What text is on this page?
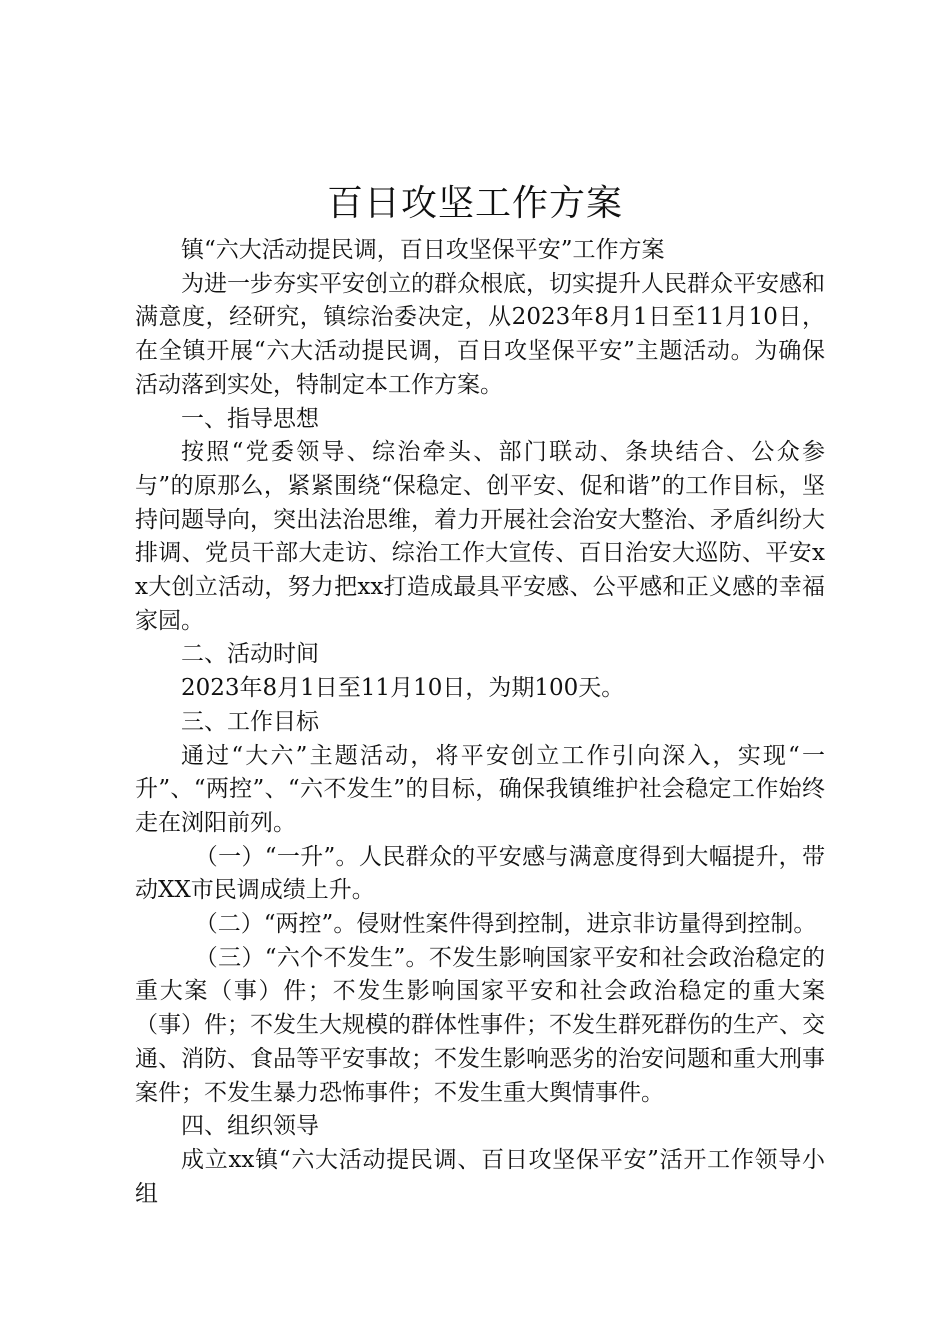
百日攻坚工作方案

镇“六大活动提民调，百日攻坚保平安”工作方案

为进一步夯实平安创立的群众根底，切实提升人民群众平安感和满意度，经研究，镇综治委决定，从2023年8月1日至11月10日，在全镇开展“六大活动提民调，百日攻坚保平安”主题活动。为确保活动落到实处，特制定本工作方案。

一、指导思想

按照“党委领导、综治牵头、部门联动、条块结合、公众参与”的原那么，紧紧围绕“保稳定、创平安、促和谐”的工作目标，坚持问题导向，突出法治思维，着力开展社会治安大整治、矛盾纠纷大排调、党员干部大走访、综治工作大宣传、百日治安大巡防、平安xx大创立活动，努力把xx打造成最具平安感、公平感和正义感的幸福家园。

二、活动时间

2023年8月1日至11月10日，为期100天。

三、工作目标

通过“大六”主题活动，将平安创立工作引向深入，实现“一升”、“两控”、“六不发生”的目标，确保我镇维护社会稳定工作始终走在浏阳前列。

（一）“一升”。人民群众的平安感与满意度得到大幅提升，带动XX市民调成绩上升。

（二）“两控”。侵财性案件得到控制，进京非访量得到控制。

（三）“六个不发生”。不发生影响国家平安和社会政治稳定的重大案（事）件；不发生影响国家平安和社会政治稳定的重大案（事）件；不发生大规模的群体性事件；不发生群死群伤的生产、交通、消防、食品等平安事故；不发生影响恶劣的治安问题和重大刑事案件；不发生暴力恐怖事件；不发生重大舆情事件。

四、组织领导

成立xx镇“六大活动提民调、百日攻坚保平安”活开工作领导小组
